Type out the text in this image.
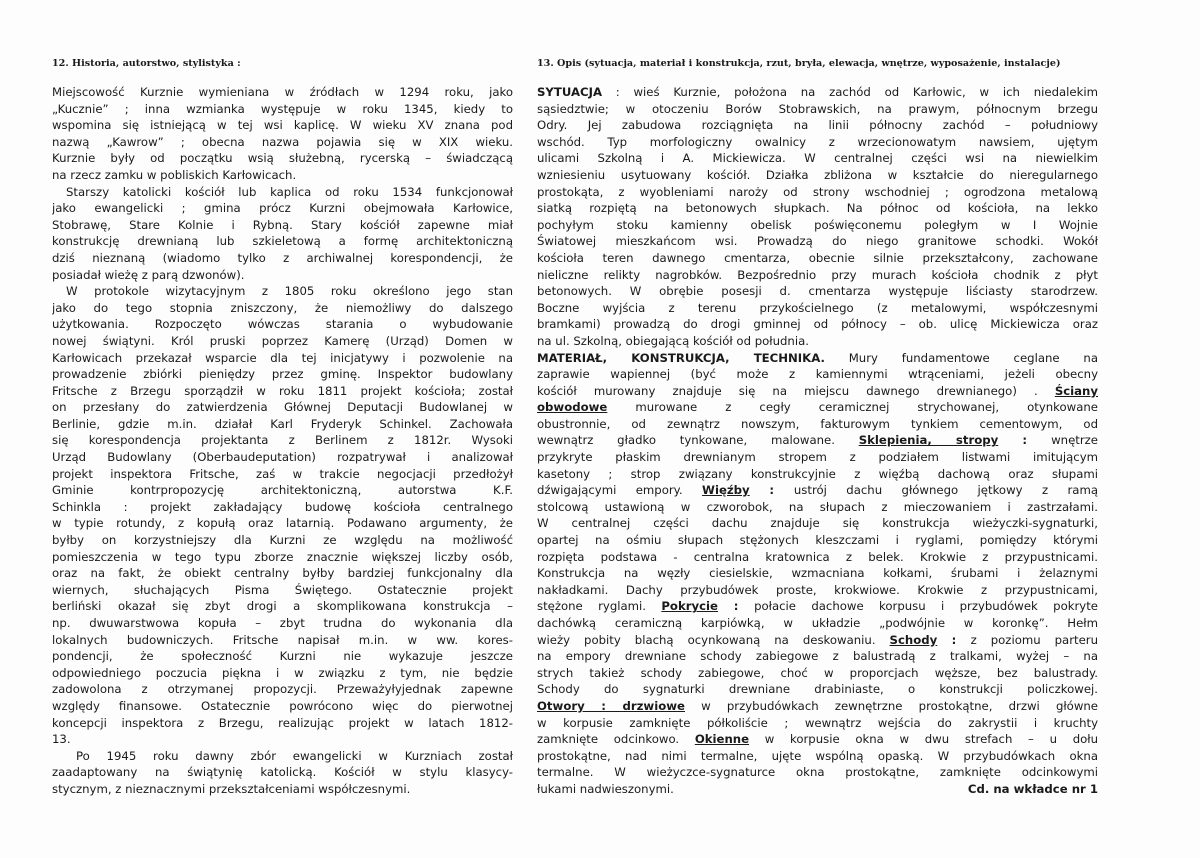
12. Historia, autorstwo, stylistyka :	13. Opis (sytuacja, materiał i konstrukcja, rzut, bryła, elewacja, wnętrze, wyposażenie, instalacje)
Miejscowość Kurznie wymieniana w źródłach w 1294 roku, jako
„Kucznie” ; inna wzmianka występuje w roku 1345, kiedy to
wspomina się istniejącą w tej wsi kaplicę. W wieku XV znana pod
nazwą „Kawrow” ; obecna nazwa pojawia się w XIX wieku.
Kurznie były od początku wsią służebną, rycerską – świadczącą
na rzecz zamku w pobliskich Karłowicach.
Starszy katolicki kościół lub kaplica od roku 1534 funkcjonował
jako ewangelicki ; gmina prócz Kurzni obejmowała Karłowice,
Stobrawę, Stare Kolnie i Rybną. Stary kościół zapewne miał
konstrukcję drewnianą lub szkieletową a formę architektoniczną
dziś nieznaną (wiadomo tylko z archiwalnej korespondencji, że
posiadał wieżę z parą dzwonów).
W protokole wizytacyjnym z 1805 roku określono jego stan
jako do tego stopnia zniszczony, że niemożliwy do dalszego
użytkowania. Rozpoczęto wówczas starania o wybudowanie
nowej świątyni. Król pruski poprzez Kamerę (Urząd) Domen w
Karłowicach przekazał wsparcie dla tej inicjatywy i pozwolenie na
prowadzenie zbiórki pieniędzy przez gminę. Inspektor budowlany
Fritsche z Brzegu sporządził w roku 1811 projekt kościoła; został
on przesłany do zatwierdzenia Głównej Deputacji Budowlanej w
Berlinie, gdzie m.in. działał Karl Fryderyk Schinkel. Zachowała
się korespondencja projektanta z Berlinem z 1812r. Wysoki
Urząd Budowlany (Oberbaudeputation) rozpatrywał i analizował
projekt inspektora Fritsche, zaś w trakcie negocjacji przedłożył
Gminie kontrpropozycję architektoniczną, autorstwa K.F.
Schinkla : projekt zakładający budowę kościoła centralnego
w typie rotundy, z kopułą oraz latarnią. Podawano argumenty, że
byłby on korzystniejszy dla Kurzni ze względu na możliwość
pomieszczenia w tego typu zborze znacznie większej liczby osób,
oraz na fakt, że obiekt centralny byłby bardziej funkcjonalny dla
wiernych, słuchających Pisma Świętego. Ostatecznie projekt
berliński okazał się zbyt drogi a skomplikowana konstrukcja –
np. dwuwarstwowa kopuła – zbyt trudna do wykonania dla
lokalnych budowniczych. Fritsche napisał m.in. w ww. kores-
pondencji, że społeczność Kurzni nie wykazuje jeszcze
odpowiedniego poczucia piękna i w związku z tym, nie będzie
zadowolona z otrzymanej propozycji. Przeważyłyjednak zapewne
względy finansowe. Ostatecznie powrócono więc do pierwotnej
koncepcji inspektora z Brzegu, realizując projekt w latach 1812-
13.
Po 1945 roku dawny zbór ewangelicki w Kurzniach został
zaadaptowany na świątynię katolicką. Kościół w stylu klasycy-
stycznym, z nieznacznymi przekształceniami współczesnymi.
SYTUACJA : wieś Kurznie, położona na zachód od Karłowic, w ich niedalekim
sąsiedztwie; w otoczeniu Borów Stobrawskich, na prawym, północnym brzegu
Odry. Jej zabudowa rozciągnięta na linii północny zachód – południowy
wschód. Typ morfologiczny owalnicy z wrzecionowatym nawsiem, ujętym
ulicami Szkolną i A. Mickiewicza. W centralnej części wsi na niewielkim
wzniesieniu usytuowany kościół. Działka zbliżona w kształcie do nieregularnego
prostokąta, z wyobleniami naroży od strony wschodniej ; ogrodzona metalową
siatką rozpiętą na betonowych słupkach. Na północ od kościoła, na lekko
pochyłym stoku kamienny obelisk poświęconemu poległym w I Wojnie
Światowej mieszkańcom wsi. Prowadzą do niego granitowe schodki. Wokół
kościoła teren dawnego cmentarza, obecnie silnie przekształcony, zachowane
nieliczne relikty nagrobków. Bezpośrednio przy murach kościoła chodnik z płyt
betonowych. W obrębie posesji d. cmentarza występuje liściasty starodrzew.
Boczne wyjścia z terenu przykościelnego (z metalowymi, współczesnymi
bramkami) prowadzą do drogi gminnej od północy – ob. ulicę Mickiewicza oraz
na ul. Szkolną, obiegającą kościół od południa.
MATERIAŁ, KONSTRUKCJA, TECHNIKA. Mury fundamentowe ceglane na
zaprawie wapiennej (być może z kamiennymi wtrąceniami, jeżeli obecny
kościół murowany znajduje się na miejscu dawnego drewnianego) . Ściany
obwodowe murowane z cegły ceramicznej strychowanej, otynkowane
obustronnie, od zewnątrz nowszym, fakturowym tynkiem cementowym, od
wewnątrz gładko tynkowane, malowane. Sklepienia, stropy : wnętrze
przykryte płaskim drewnianym stropem z podziałem listwami imitującym
kasetony ; strop związany konstrukcyjnie z więźbą dachową oraz słupami
dźwigającymi empory. Więźby : ustrój dachu głównego jętkowy z ramą
stolcową ustawioną w czworobok, na słupach z mieczowaniem i zastrzałami.
W centralnej części dachu znajduje się konstrukcja wieżyczki-sygnaturki,
opartej na ośmiu słupach stężonych kleszczami i ryglami, pomiędzy którymi
rozpięta podstawa - centralna kratownica z belek. Krokwie z przypustnicami.
Konstrukcja na węzły ciesielskie, wzmacniana kołkami, śrubami i żelaznymi
nakładkami. Dachy przybudówek proste, krokwiowe. Krokwie z przypustnicami,
stężone ryglami. Pokrycie : połacie dachowe korpusu i przybudówek pokryte
dachówką ceramiczną karpiówką, w układzie „podwójnie w koronkę”. Hełm
wieży pobity blachą ocynkowaną na deskowaniu. Schody : z poziomu parteru
na empory drewniane schody zabiegowe z balustradą z tralkami, wyżej – na
strych takież schody zabiegowe, choć w proporcjach węższe, bez balustrady.
Schody do sygnaturki drewniane drabiniaste, o konstrukcji policzkowej.
Otwory : drzwiowe w przybudówkach zewnętrzne prostokątne, drzwi główne
w korpusie zamknięte półkoliście ; wewnątrz wejścia do zakrystii i kruchty
zamknięte odcinkowo. Okienne w korpusie okna w dwu strefach – u dołu
prostokątne, nad nimi termalne, ujęte wspólną opaską. W przybudówkach okna
termalne. W wieżyczce-sygnaturce okna prostokątne, zamknięte odcinkowymi
łukami nadwieszonymi.	Cd. na wkładce nr 1
